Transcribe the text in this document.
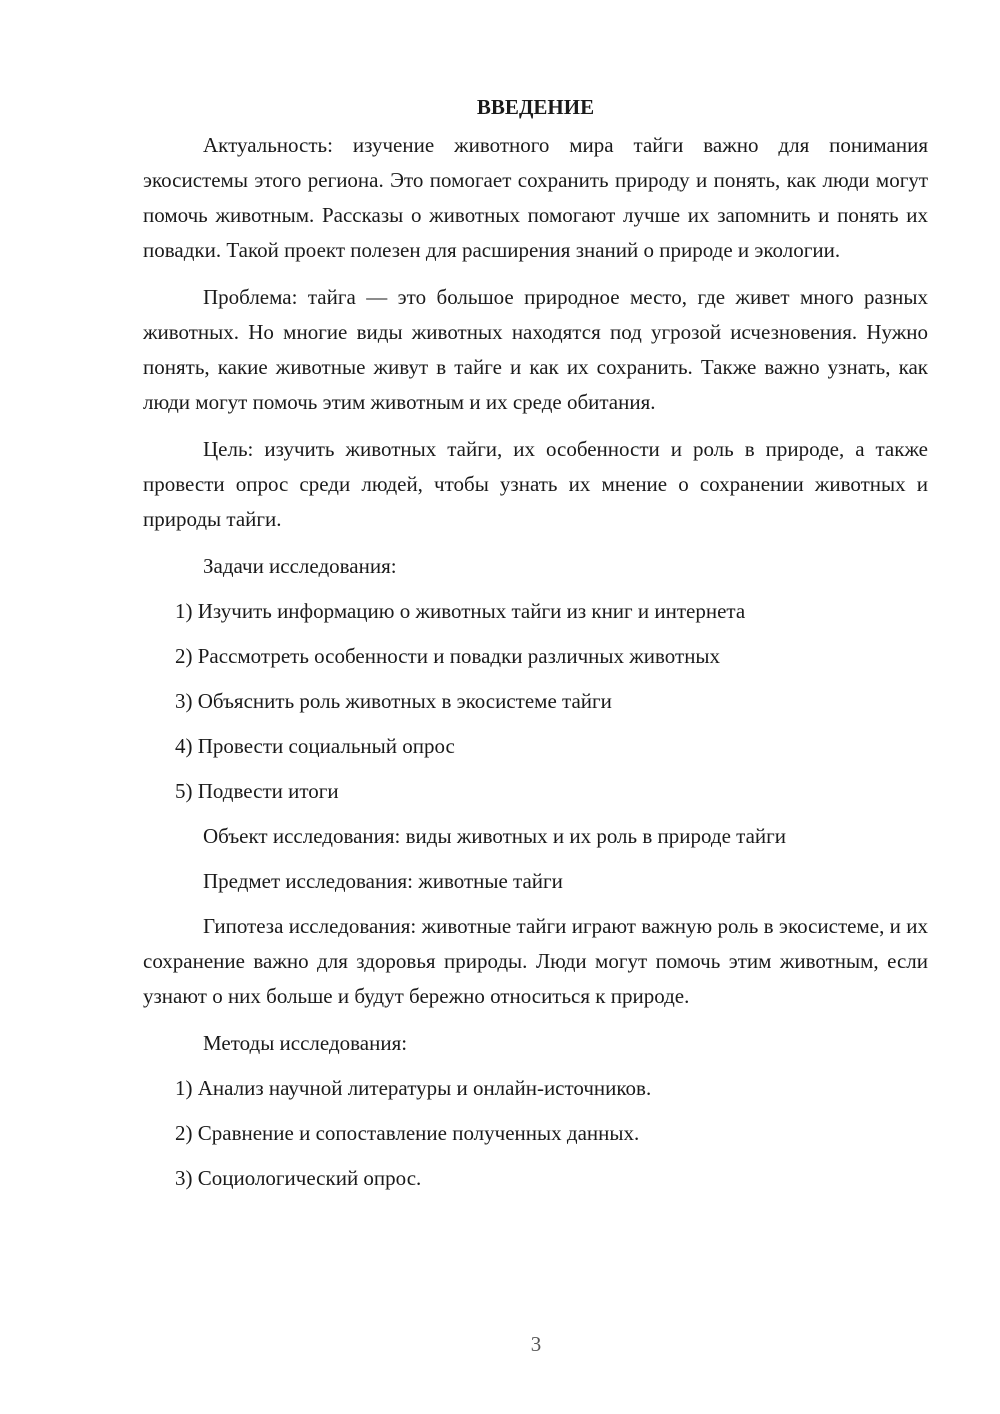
ВВЕДЕНИЕ

Актуальность: изучение животного мира тайги важно для понимания экосистемы этого региона. Это помогает сохранить природу и понять, как люди могут помочь животным. Рассказы о животных помогают лучше их запомнить и понять их повадки. Такой проект полезен для расширения знаний о природе и экологии.

Проблема: тайга — это большое природное место, где живет много разных животных. Но многие виды животных находятся под угрозой исчезновения. Нужно понять, какие животные живут в тайге и как их сохранить. Также важно узнать, как люди могут помочь этим животным и их среде обитания.

Цель: изучить животных тайги, их особенности и роль в природе, а также провести опрос среди людей, чтобы узнать их мнение о сохранении животных и природы тайги.

Задачи исследования:
1) Изучить информацию о животных тайги из книг и интернета
2) Рассмотреть особенности и повадки различных животных
3) Объяснить роль животных в экосистеме тайги
4) Провести социальный опрос
5) Подвести итоги
Объект исследования: виды животных и их роль в природе тайги
Предмет исследования: животные тайги

Гипотеза исследования: животные тайги играют важную роль в экосистеме, и их сохранение важно для здоровья природы. Люди могут помочь этим животным, если узнают о них больше и будут бережно относиться к природе.

Методы исследования:
1) Анализ научной литературы и онлайн-источников.
2) Сравнение и сопоставление полученных данных.
3) Социологический опрос.
3
